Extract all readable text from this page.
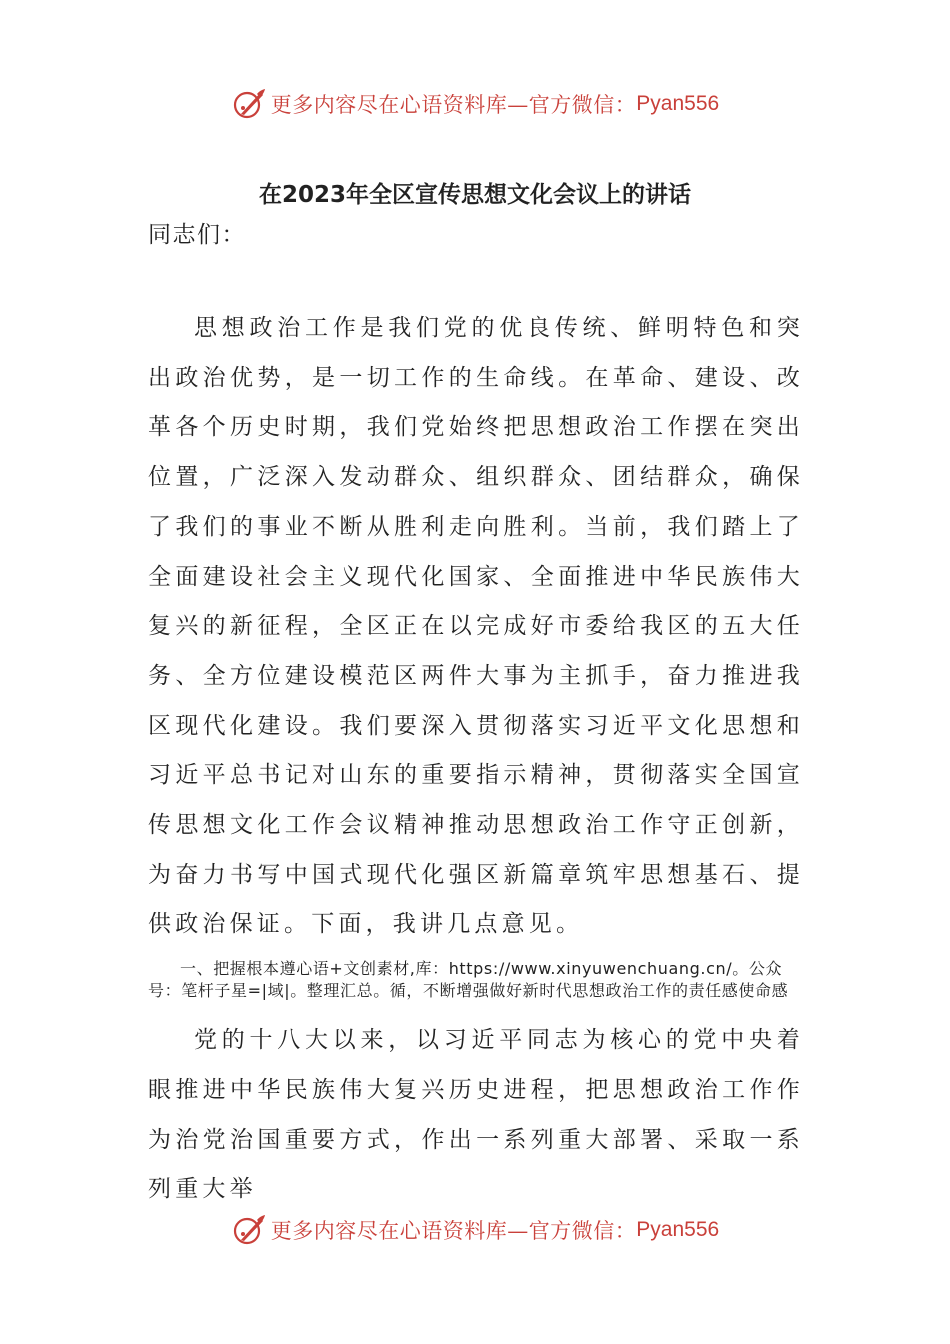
更多内容尽在心语资料库—官方微信： Pyan556
在2023年全区宣传思想文化会议上的讲话

同志们：

思想政治工作是我们党的优良传统、鲜明特色和突出政治优势，是一切工作的生命线。在革命、建设、改革各个历史时期，我们党始终把思想政治工作摆在突出位置，广泛深入发动群众、组织群众、团结群众，确保了我们的事业不断从胜利走向胜利。当前，我们踏上了全面建设社会主义现代化国家、全面推进中华民族伟大复兴的新征程，全区正在以完成好市委给我区的五大任务、全方位建设模范区两件大事为主抓手，奋力推进我区现代化建设。我们要深入贯彻落实习近平文化思想和习近平总书记对山东的重要指示精神，贯彻落实全国宣传思想文化工作会议精神推动思想政治工作守正创新，为奋力书写中国式现代化强区新篇章筑牢思想基石、提供政治保证。下面，我讲几点意见。

一、把握根本遵心语+文创素材,库：https://www.xinyuwenchuang.cn/。公众号：笔杆子星=|域|。整理汇总。循，不断增强做好新时代思想政治工作的责任感使命感

党的十八大以来，以习近平同志为核心的党中央着眼推进中华民族伟大复兴历史进程，把思想政治工作作为治党治国重要方式，作出一系列重大部署、采取一系列重大举

更多内容尽在心语资料库—官方微信： Pyan556
